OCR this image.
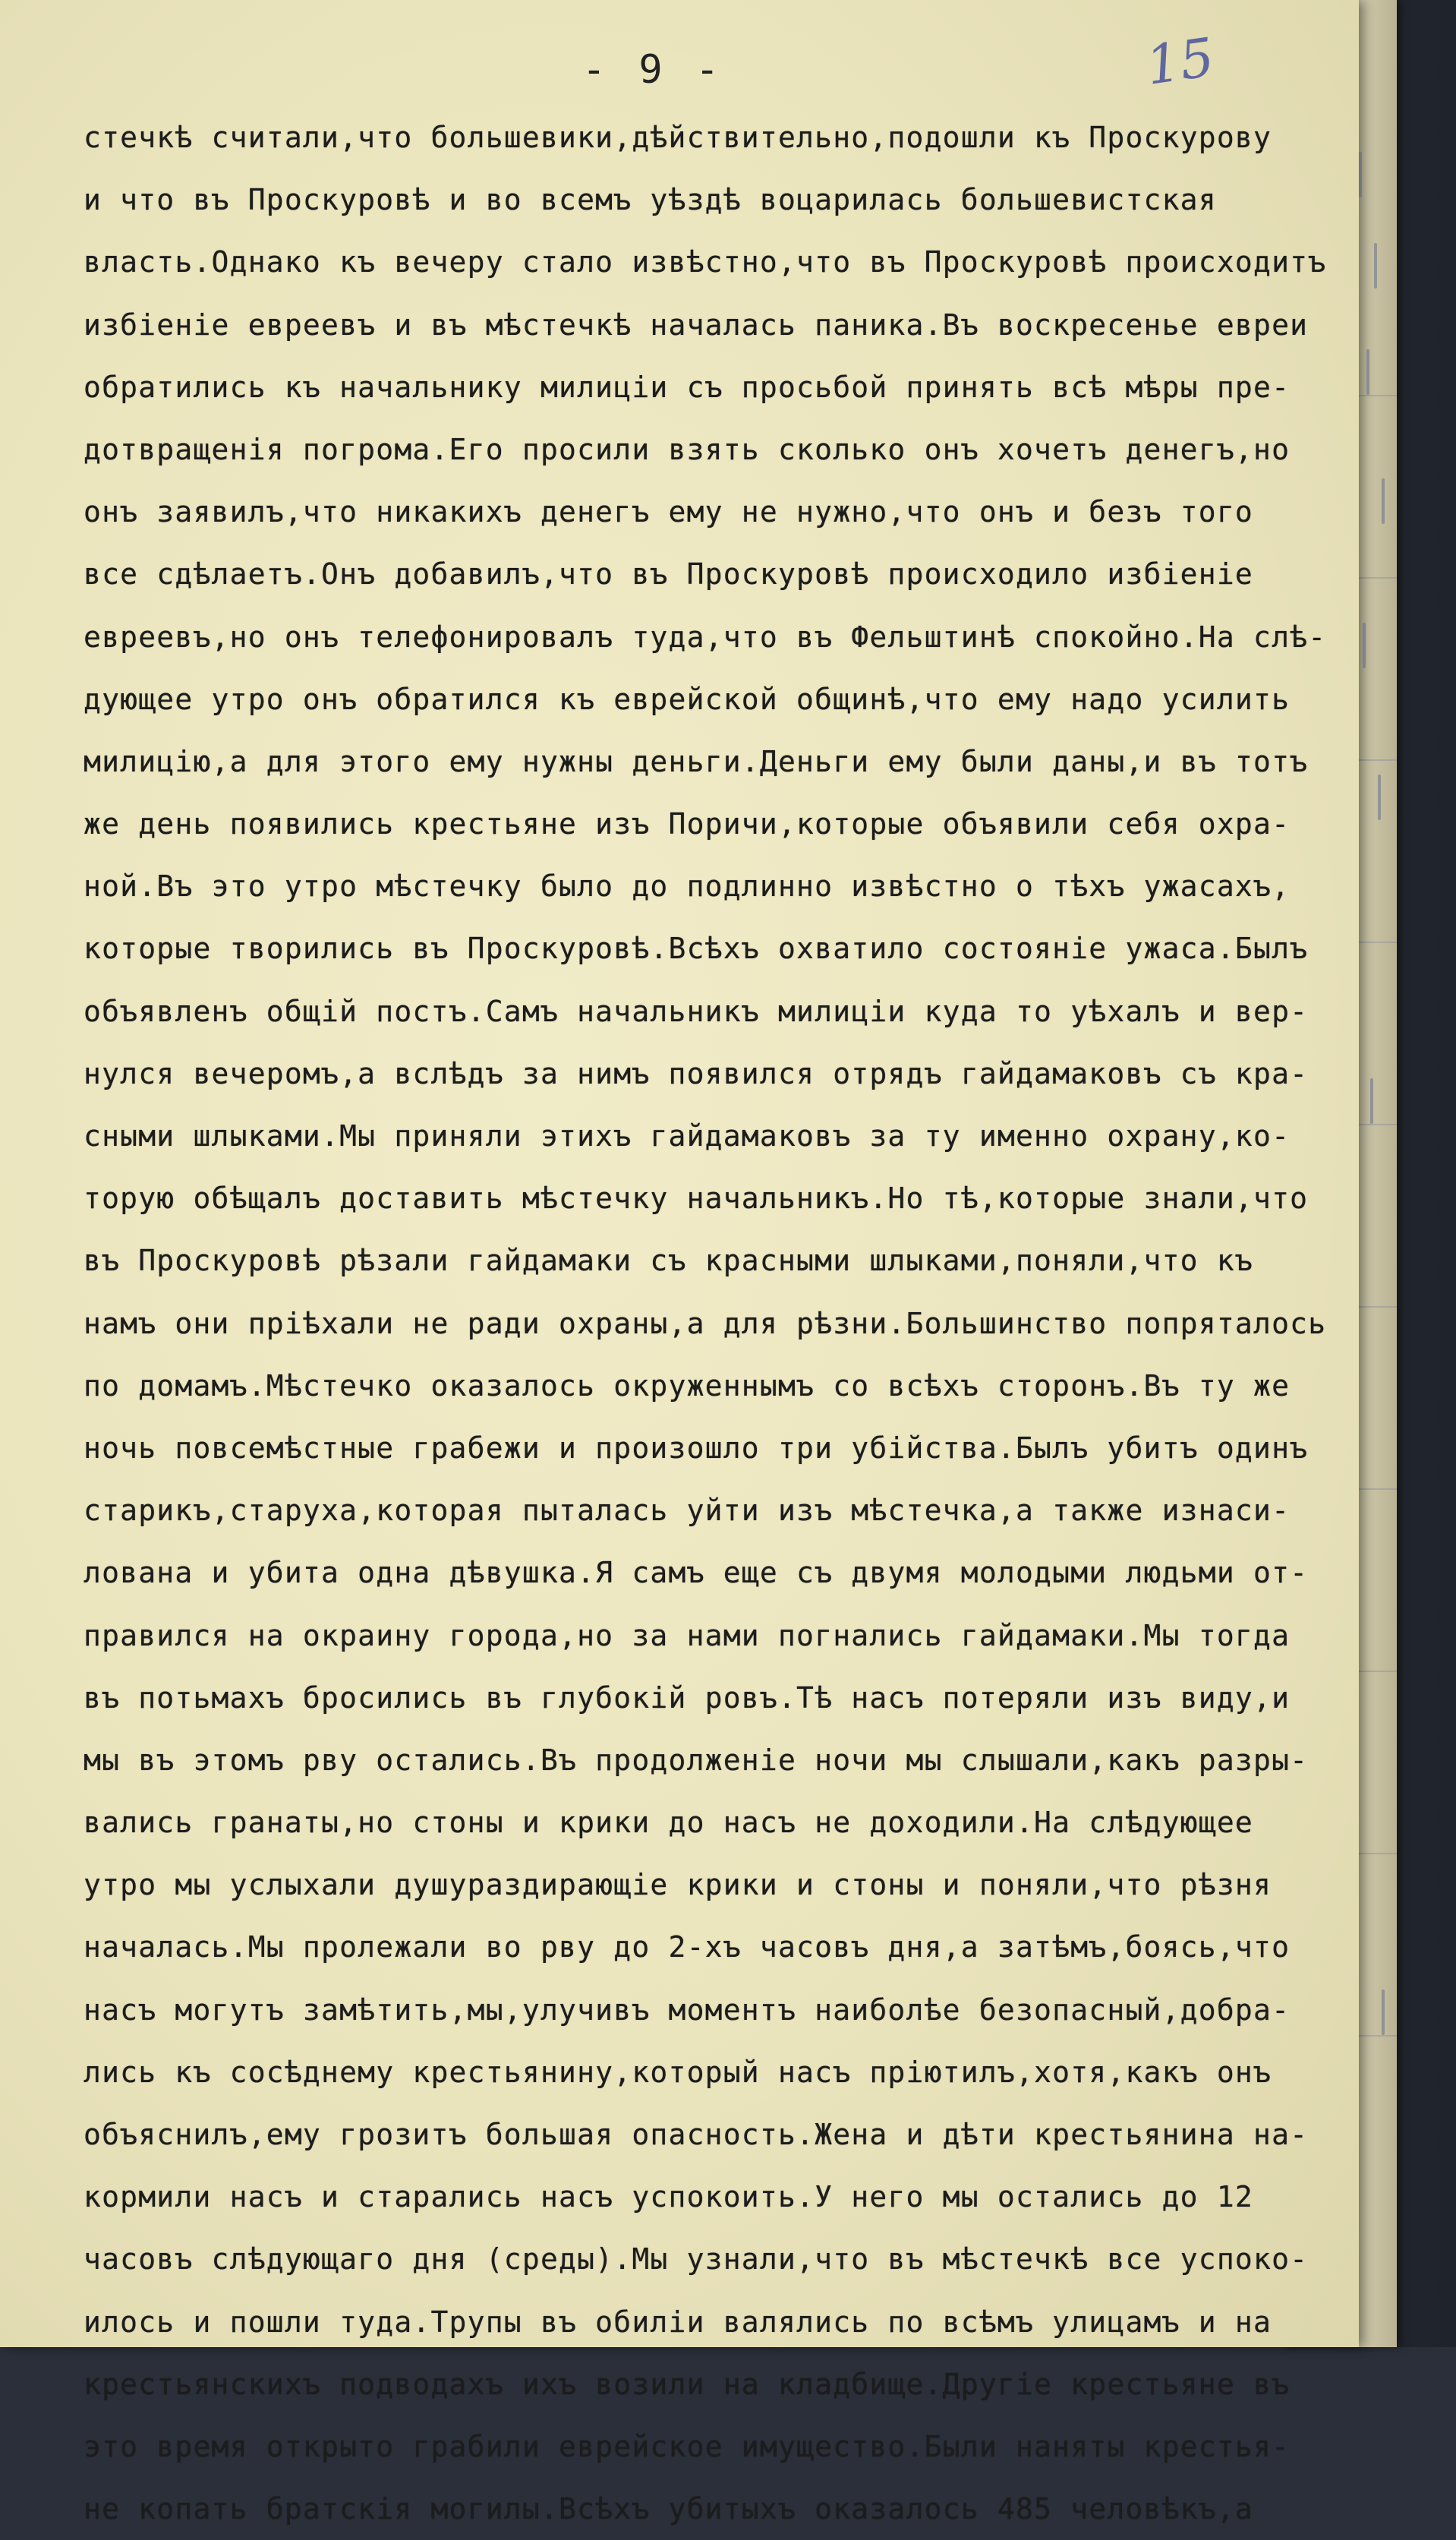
- 9 -	15
стечкѣ считали,что большевики,дѣйствительно,подошли къ Проскурову
и что въ Проскуровѣ и во всемъ уѣздѣ воцарилась большевистская
власть.Однако къ вечеру стало извѣстно,что въ Проскуровѣ происходитъ
избiенiе евреевъ и въ мѣстечкѣ началась паника.Въ воскресенье евреи
обратились къ начальнику милицiи съ просьбой принять всѣ мѣры пре-
дотвращенiя погрома.Его просили взять сколько онъ хочетъ денегъ,но
онъ заявилъ,что никакихъ денегъ ему не нужно,что онъ и безъ того
все сдѣлаетъ.Онъ добавилъ,что въ Проскуровѣ происходило избiенiе
евреевъ,но онъ телефонировалъ туда,что въ Фельштинѣ спокойно.На слѣ-
дующее утро онъ обратился къ еврейской общинѣ,что ему надо усилить
милицiю,а для этого ему нужны деньги.Деньги ему были даны,и въ тотъ
же день появились крестьяне изъ Поричи,которые объявили себя охра-
ной.Въ это утро мѣстечку было до подлинно извѣстно о тѣхъ ужасахъ,
которые творились въ Проскуровѣ.Всѣхъ охватило состоянiе ужаса.Былъ
объявленъ общiй постъ.Самъ начальникъ милицiи куда то уѣхалъ и вер-
нулся вечеромъ,а вслѣдъ за нимъ появился отрядъ гайдамаковъ съ кра-
сными шлыками.Мы приняли этихъ гайдамаковъ за ту именно охрану,ко-
торую обѣщалъ доставить мѣстечку начальникъ.Но тѣ,которые знали,что
въ Проскуровѣ рѣзали гайдамаки съ красными шлыками,поняли,что къ
намъ они прiѣхали не ради охраны,а для рѣзни.Большинство попряталось
по домамъ.Мѣстечко оказалось окруженнымъ со всѣхъ сторонъ.Въ ту же
ночь повсемѣстные грабежи и произошло три убiйства.Былъ убитъ одинъ
старикъ,старуха,которая пыталась уйти изъ мѣстечка,а также изнаси-
лована и убита одна дѣвушка.Я самъ еще съ двумя молодыми людьми от-
правился на окраину города,но за нами погнались гайдамаки.Мы тогда
въ потьмахъ бросились въ глубокiй ровъ.Тѣ насъ потеряли изъ виду,и
мы въ этомъ рву остались.Въ продолженiе ночи мы слышали,какъ разры-
вались гранаты,но стоны и крики до насъ не доходили.На слѣдующее
утро мы услыхали душураздирающiе крики и стоны и поняли,что рѣзня
началась.Мы пролежали во рву до 2-хъ часовъ дня,а затѣмъ,боясь,что
насъ могутъ замѣтить,мы,улучивъ моментъ наиболѣе безопасный,добра-
лись къ сосѣднему крестьянину,который насъ прiютилъ,хотя,какъ онъ
объяснилъ,ему грозитъ большая опасность.Жена и дѣти крестьянина на-
кормили насъ и старались насъ успокоить.У него мы остались до 12
часовъ слѣдующаго дня (среды).Мы узнали,что въ мѣстечкѣ все успоко-
илось и пошли туда.Трупы въ обилiи валялись по всѣмъ улицамъ и на
крестьянскихъ подводахъ ихъ возили на кладбище.Другiе крестьяне въ
это время открыто грабили еврейское имущество.Были наняты крестья-
не копать братскiя могилы.Всѣхъ убитыхъ оказалось 485 человѣкъ,а
